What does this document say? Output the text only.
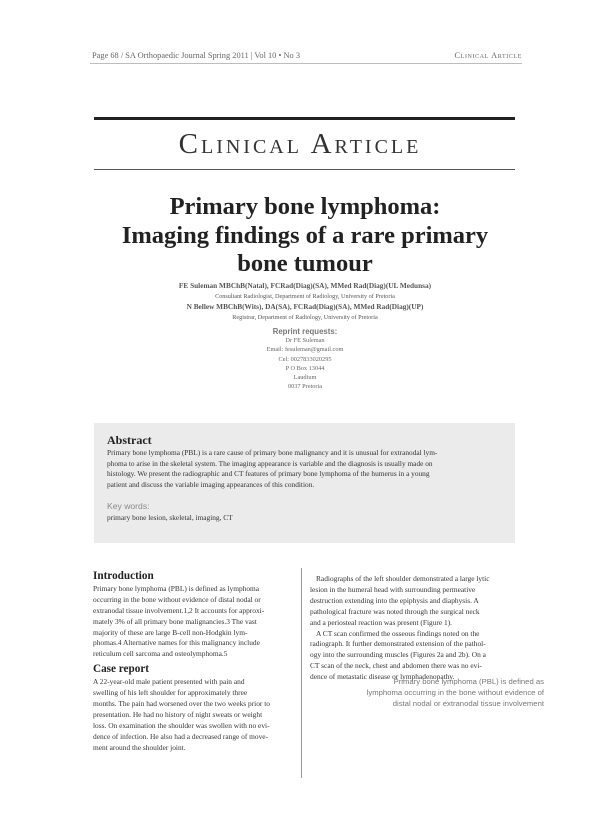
Page 68 / SA Orthopaedic Journal Spring 2011 | Vol 10 • No 3	Clinical Article
Clinical Article
Primary bone lymphoma:
Imaging findings of a rare primary
bone tumour
FE Suleman MBChB(Natal), FCRad(Diag)(SA), MMed Rad(Diag)(UL Medunsa)
Consultant Radiologist, Department of Radiology, University of Pretoria
N Bellew MBChB(Wits), DA(SA), FCRad(Diag)(SA), MMed Rad(Diag)(UP)
Registrar, Department of Radiology, University of Pretoria
Reprint requests:
Dr FE Suleman
Email: fesuleman@gmail.com
Cel: 0027833020295
P O Box 13044
Laudium
0037 Pretoria
Abstract
Primary bone lymphoma (PBL) is a rare cause of primary bone malignancy and it is unusual for extranodal lym-
phoma to arise in the skeletal system. The imaging appearance is variable and the diagnosis is usually made on
histology. We present the radiographic and CT features of primary bone lymphoma of the humerus in a young
patient and discuss the variable imaging appearances of this condition.
Key words:
primary bone lesion, skeletal, imaging, CT
Introduction
Primary bone lymphoma (PBL) is defined as lymphoma
occurring in the bone without evidence of distal nodal or
extranodal tissue involvement.1,2 It accounts for approxi-
mately 3% of all primary bone malignancies.3 The vast
majority of these are large B-cell non-Hodgkin lym-
phomas.4 Alternative names for this malignancy include
reticulum cell sarcoma and osteolymphoma.5
Case report
A 22-year-old male patient presented with pain and
swelling of his left shoulder for approximately three
months. The pain had worsened over the two weeks prior to
presentation. He had no history of night sweats or weight
loss. On examination the shoulder was swollen with no evi-
dence of infection. He also had a decreased range of move-
ment around the shoulder joint.
Radiographs of the left shoulder demonstrated a large lytic
lesion in the humeral head with surrounding permeative
destruction extending into the epiphysis and diaphysis. A
pathological fracture was noted through the surgical neck
and a periosteal reaction was present (Figure 1).
A CT scan confirmed the osseous findings noted on the
radiograph. It further demonstrated extension of the pathol-
ogy into the surrounding muscles (Figures 2a and 2b). On a
CT scan of the neck, chest and abdomen there was no evi-
dence of metastatic disease or lymphadenopathy.
Primary bone lymphoma (PBL) is defined as
lymphoma occurring in the bone without evidence of
distal nodal or extranodal tissue involvement
